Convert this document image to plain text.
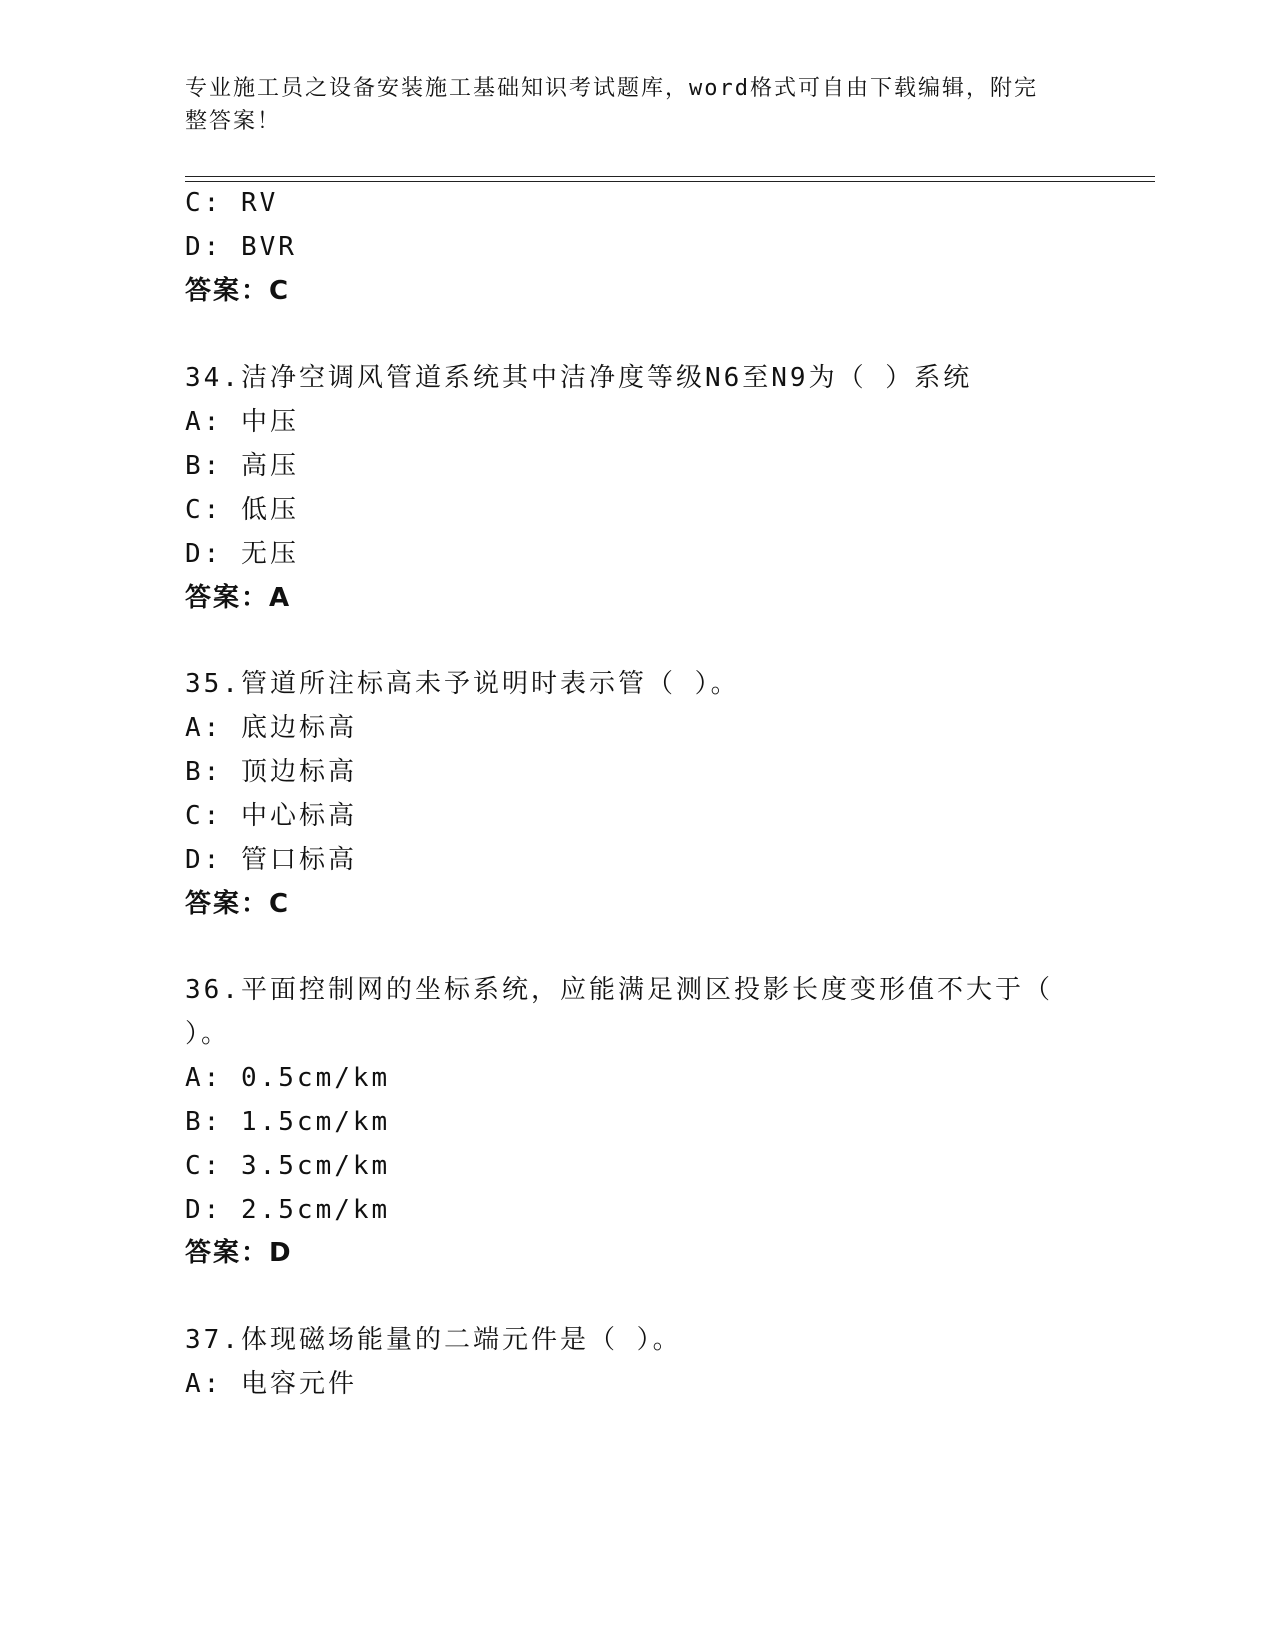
专业施工员之设备安装施工基础知识考试题库，word格式可自由下载编辑，附完
整答案！
C: RV
D: BVR
答案：C
34.洁净空调风管道系统其中洁净度等级N6至N9为（ ）系统
A: 中压
B: 高压
C: 低压
D: 无压
答案：A
35.管道所注标高未予说明时表示管（ ）。
A: 底边标高
B: 顶边标高
C: 中心标高
D: 管口标高
答案：C
36.平面控制网的坐标系统，应能满足测区投影长度变形值不大于（
）。
A: 0.5cm/km
B: 1.5cm/km
C: 3.5cm/km
D: 2.5cm/km
答案：D
37.体现磁场能量的二端元件是（ ）。
A: 电容元件
